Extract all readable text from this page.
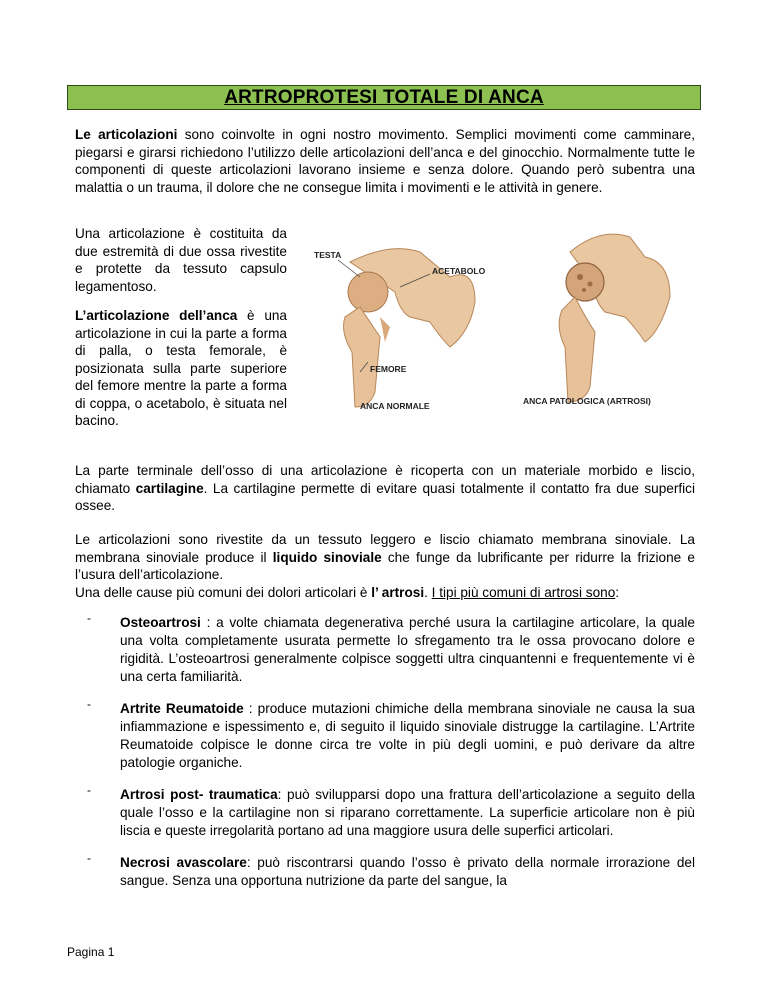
ARTROPROTESI TOTALE DI ANCA

Le articolazioni sono coinvolte in ogni nostro movimento. Semplici movimenti come camminare, piegarsi e girarsi richiedono l’utilizzo delle articolazioni dell’anca e del ginocchio. Normalmente tutte le componenti di queste articolazioni lavorano insieme e senza dolore. Quando però subentra una malattia o un trauma, il dolore che ne consegue limita i movimenti e le attività in genere.

Una articolazione è costituita da due estremità di due ossa rivestite e protette da tessuto capsulo legamentoso.

L’articolazione dell’anca è una articolazione in cui la parte a forma di palla, o testa femorale, è posizionata sulla parte superiore del femore mentre la parte a forma di coppa, o acetabolo, è situata nel bacino.

TESTA
ACETABOLO
FEMORE
ANCA NORMALE	ANCA PATOLOGICA (ARTROSI)

La parte terminale dell’osso di una articolazione è ricoperta con un materiale morbido e liscio, chiamato cartilagine. La cartilagine permette di evitare quasi totalmente il contatto fra due superfici ossee.

Le articolazioni sono rivestite da un tessuto leggero e liscio chiamato membrana sinoviale. La membrana sinoviale produce il liquido sinoviale che funge da lubrificante per ridurre la frizione e l’usura dell’articolazione.

Una delle cause più comuni dei dolori articolari è l’ artrosi. I tipi più comuni di artrosi sono:

- Osteoartrosi : a volte chiamata degenerativa perché usura la cartilagine articolare, la quale una volta completamente usurata permette lo sfregamento tra le ossa provocano dolore e rigidità. L’osteoartrosi generalmente colpisce soggetti ultra cinquantenni e frequentemente vi è una certa familiarità.

- Artrite Reumatoide : produce mutazioni chimiche della membrana sinoviale ne causa la sua infiammazione e ispessimento e, di seguito il liquido sinoviale distrugge la cartilagine. L’Artrite Reumatoide colpisce le donne circa tre volte in più degli uomini, e può derivare da altre patologie organiche.

- Artrosi post- traumatica: può svilupparsi dopo una frattura dell’articolazione a seguito della quale l’osso e la cartilagine non si riparano correttamente. La superficie articolare non è più liscia e queste irregolarità portano ad una maggiore usura delle superfici articolari.

- Necrosi avascolare: può riscontrarsi quando l’osso è privato della normale irrorazione del sangue. Senza una opportuna nutrizione da parte del sangue, la

Pagina 1
